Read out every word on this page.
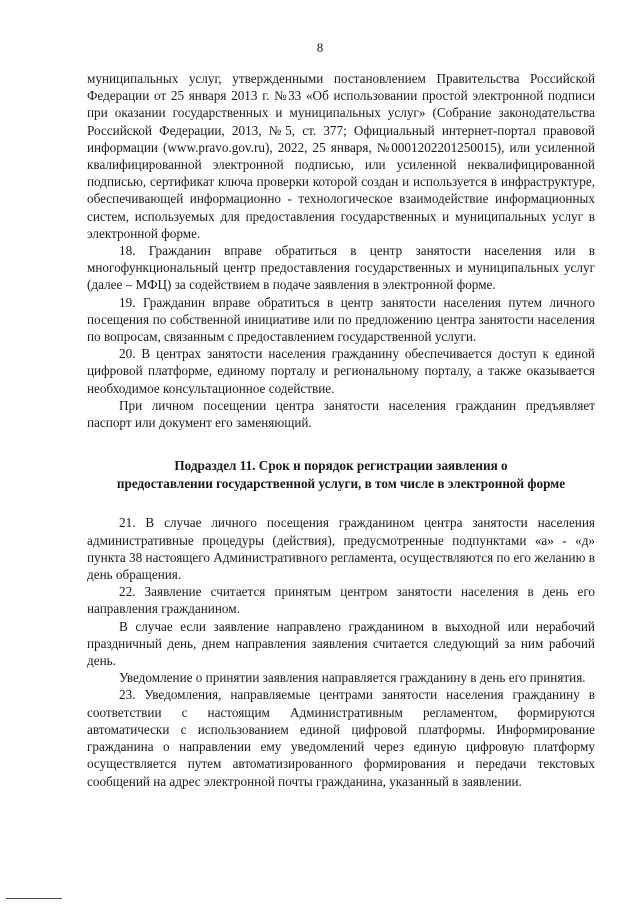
8

муниципальных услуг, утвержденными постановлением Правительства Российской Федерации от 25 января 2013 г. №33 «Об использовании простой электронной подписи при оказании государственных и муниципальных услуг» (Собрание законодательства Российской Федерации, 2013, №5, ст. 377; Официальный интернет-портал правовой информации (www.pravo.gov.ru), 2022, 25 января, №0001202201250015), или усиленной квалифицированной электронной подписью, или усиленной неквалифицированной подписью, сертификат ключа проверки которой создан и используется в инфраструктуре, обеспечивающей информационно - технологическое взаимодействие информационных систем, используемых для предоставления государственных и муниципальных услуг в электронной форме.

18. Гражданин вправе обратиться в центр занятости населения или в многофункциональный центр предоставления государственных и муниципальных услуг (далее – МФЦ) за содействием в подаче заявления в электронной форме.

19. Гражданин вправе обратиться в центр занятости населения путем личного посещения по собственной инициативе или по предложению центра занятости населения по вопросам, связанным с предоставлением государственной услуги.

20. В центрах занятости населения гражданину обеспечивается доступ к единой цифровой платформе, единому порталу и региональному порталу, а также оказывается необходимое консультационное содействие.

При личном посещении центра занятости населения гражданин предъявляет паспорт или документ его заменяющий.

Подраздел 11. Срок и порядок регистрации заявления о
предоставлении государственной услуги, в том числе в электронной форме

21. В случае личного посещения гражданином центра занятости населения административные процедуры (действия), предусмотренные подпунктами «а» - «д» пункта 38 настоящего Административного регламента, осуществляются по его желанию в день обращения.

22. Заявление считается принятым центром занятости населения в день его направления гражданином.

В случае если заявление направлено гражданином в выходной или нерабочий праздничный день, днем направления заявления считается следующий за ним рабочий день.

Уведомление о принятии заявления направляется гражданину в день его принятия.

23. Уведомления, направляемые центрами занятости населения гражданину в соответствии с настоящим Административным регламентом, формируются автоматически с использованием единой цифровой платформы. Информирование гражданина о направлении ему уведомлений через единую цифровую платформу осуществляется путем автоматизированного формирования и передачи текстовых сообщений на адрес электронной почты гражданина, указанный в заявлении.
